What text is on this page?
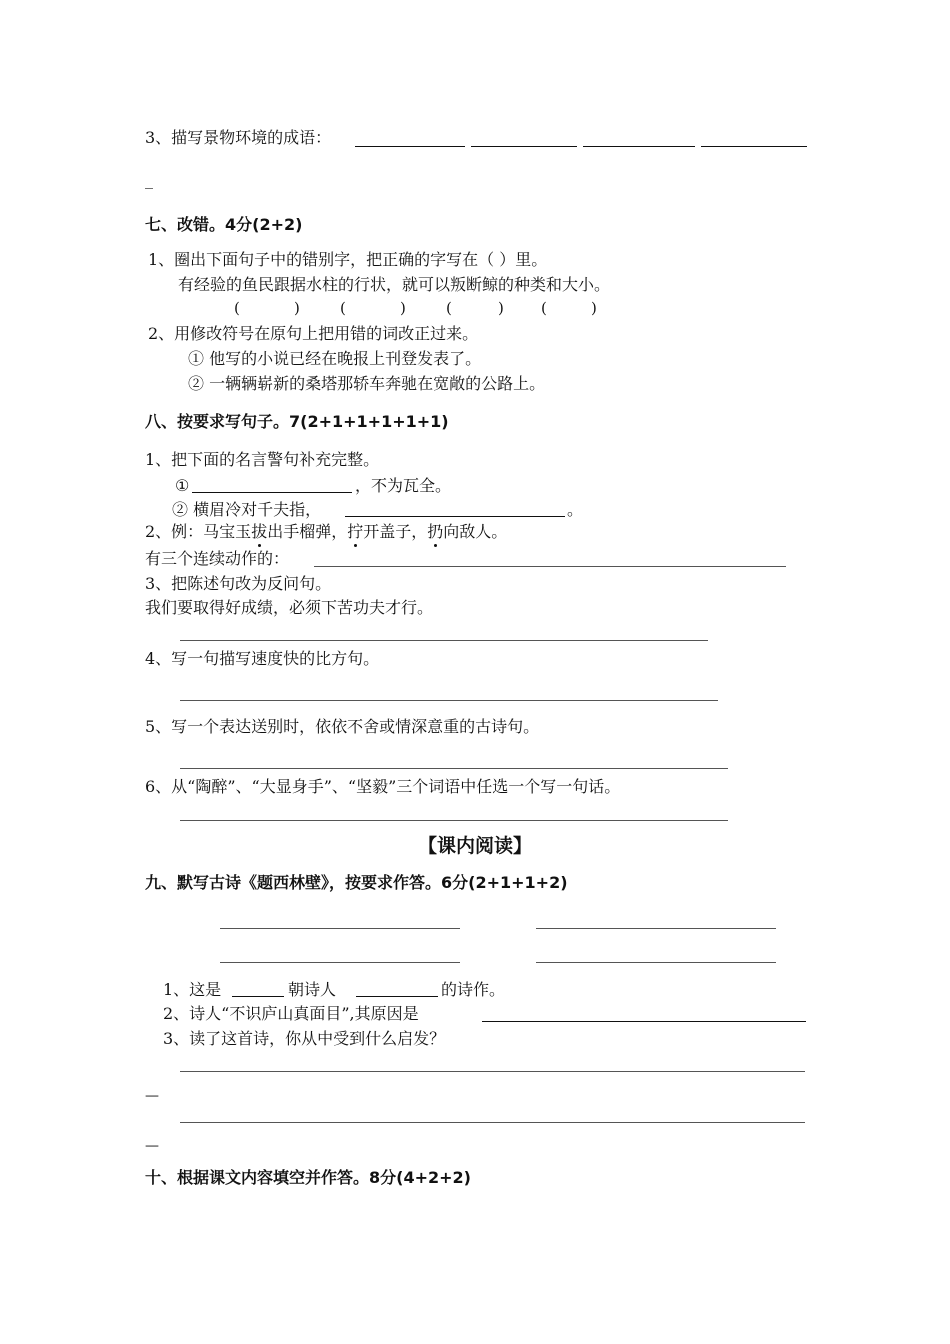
3、描写景物环境的成语：
_
七、改错。4分(2+2)
1、圈出下面句子中的错别字，把正确的字写在（ ）里。
有经验的鱼民跟据水柱的行状，就可以叛断鲸的种类和大小。
(	)	(	)	(	) (	)
2、用修改符号在原句上把用错的词改正过来。
① 他写的小说已经在晚报上刊登发表了。
② 一辆辆崭新的桑塔那轿车奔驰在宽敞的公路上。
八、按要求写句子。7(2+1+1+1+1+1)
1、把下面的名言警句补充完整。
①	，不为瓦全。
② 横眉冷对千夫指，	。
2、例：马宝玉拔出手榴弹，拧开盖子，扔向敌人。
有三个连续动作的：
3、把陈述句改为反问句。
我们要取得好成绩，必须下苦功夫才行。
4、写一句描写速度快的比方句。
5、写一个表达送别时，依依不舍或情深意重的古诗句。
6、从“陶醉”、“大显身手”、“坚毅”三个词语中任选一个写一句话。
【课内阅读】
九、默写古诗《题西林壁》，按要求作答。6分(2+1+1+2)
1、这是	朝诗人	的诗作。
2、诗人“不识庐山真面目”,其原因是
3、读了这首诗，你从中受到什么启发？
—
—
十、根据课文内容填空并作答。8分(4+2+2)
